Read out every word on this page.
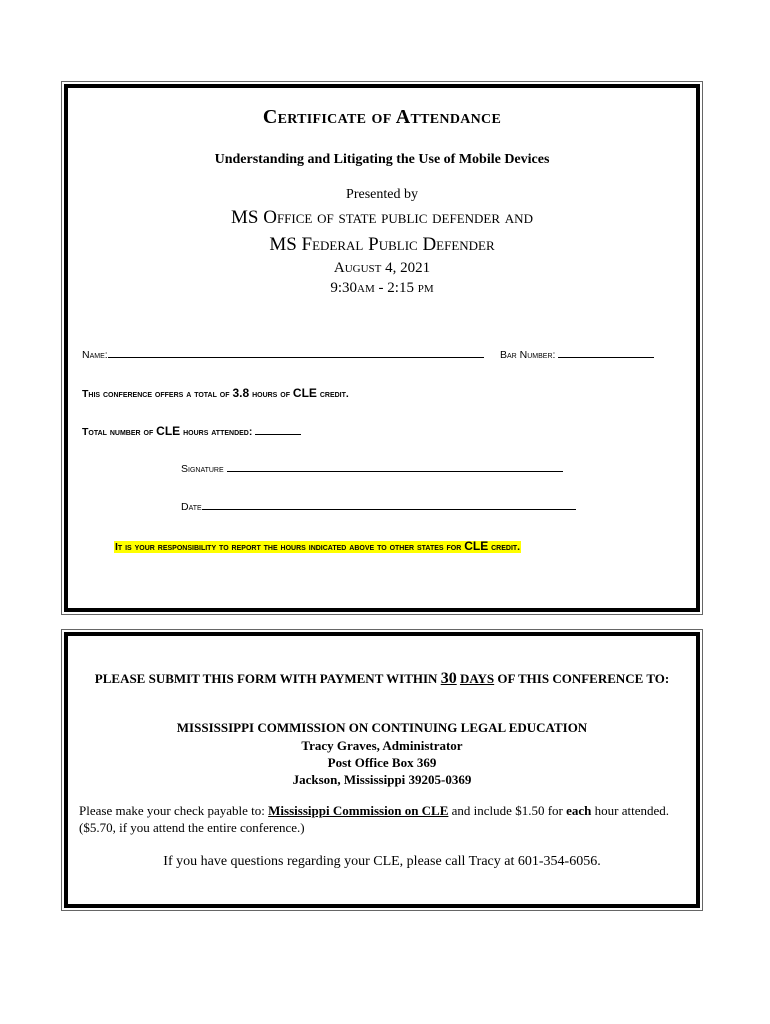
Certificate of Attendance
Understanding and Litigating the Use of Mobile Devices
Presented by
MS Office of state public defender and
MS Federal Public Defender
August 4, 2021
9:30am - 2:15 pm
Name:	Bar Number:
This conference offers a total of 3.8 hours of CLE credit.
Total number of CLE hours attended:
Signature
Date
It is your responsibility to report the hours indicated above to other states for CLE credit.
PLEASE SUBMIT THIS FORM WITH PAYMENT WITHIN 30 DAYS OF THIS CONFERENCE TO:
MISSISSIPPI COMMISSION ON CONTINUING LEGAL EDUCATION
Tracy Graves, Administrator
Post Office Box 369
Jackson, Mississippi 39205-0369
Please make your check payable to: Mississippi Commission on CLE and include $1.50 for each hour attended. ($5.70, if you attend the entire conference.)
If you have questions regarding your CLE, please call Tracy at 601-354-6056.
